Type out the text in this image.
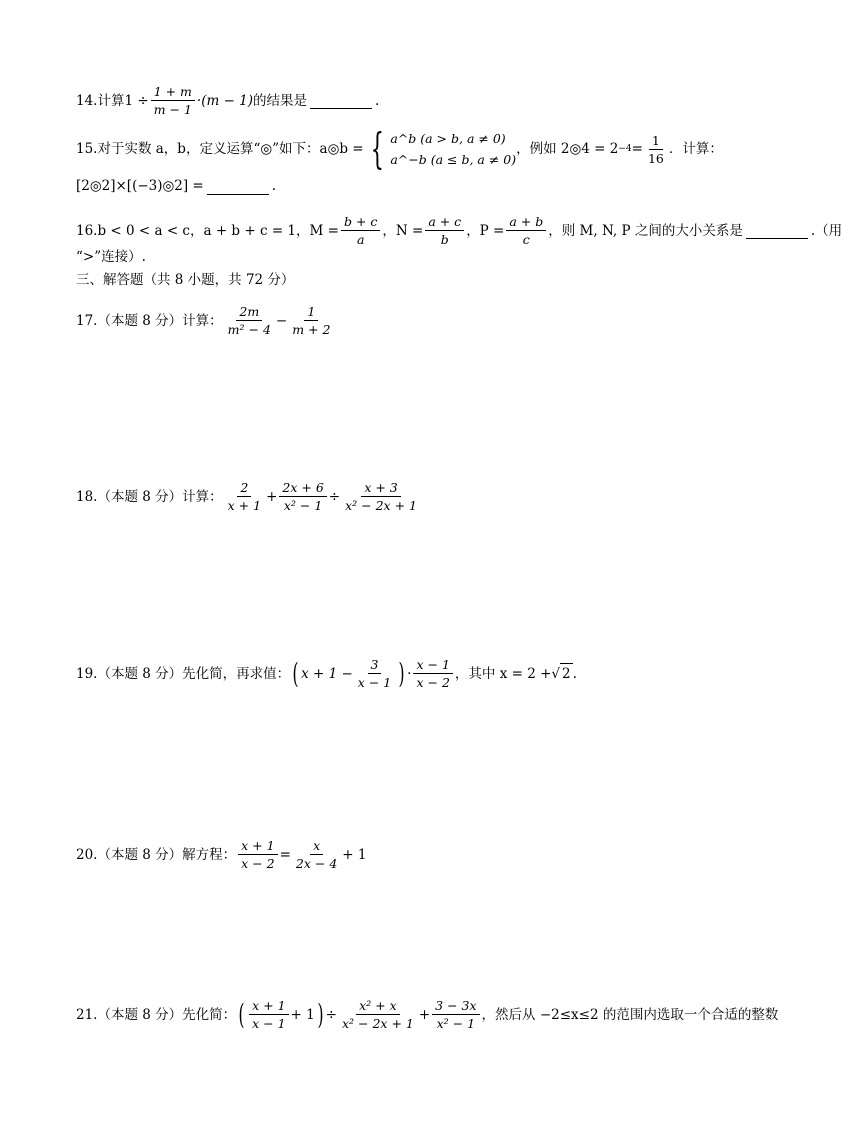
14.计算 $1 \div \frac{1 + m}{m - 1} \cdot(m - 1)$ 的结果是	.
15.对于实数 a，b，定义运算“◎”如下：a◎b = { a^b (a > b, a ≠ 0)
a^−b (a ≤ b, a ≠ 0)
，例如 2◎4 = $2 -4 = \frac{1}{16}$ ．计算：
[2◎2]×[(−3)◎2] =	.
16.b < 0 < a < c，a + b + c = 1，$M = \frac{b + c}{a}$ ，$N = \frac{a + c}{b}$ ，$P = \frac{a + b}{c}$ ，则 M, N, P 之间的大小关系是	.（用
“>”连接）.
三、解答题（共 8 小题，共 72 分）
17.（本题 8 分）计算： $\frac{2m}{\text{m² − 4}} - \frac{1}{m + 2}$
18.（本题 8 分）计算： $\frac{2}{x + 1} + \frac{2x + 6}{\text{x² − 1}} \div \frac{x + 3}{\text{x² − 2x + 1}}$
19.（本题 8 分）先化简，再求值： ( $x + 1 - \frac{3}{x - 1}$ ) · $\frac{x - 1}{x - 2}$ ，其中 x = 2 + √ 2 .
20.（本题 8 分）解方程： $\frac{x + 1}{x - 2} = \frac{x}{2x - 4} + 1$
21.（本题 8 分）先化简： ( $\frac{x + 1}{x - 1} + 1$ ) ÷ $\frac{\text{x² + x}}{\text{x² − 2x + 1}} + \frac{3 - 3x}{\text{x² − 1}}$ ，然后从 −2≤x≤2 的范围内选取一个合适的整数
